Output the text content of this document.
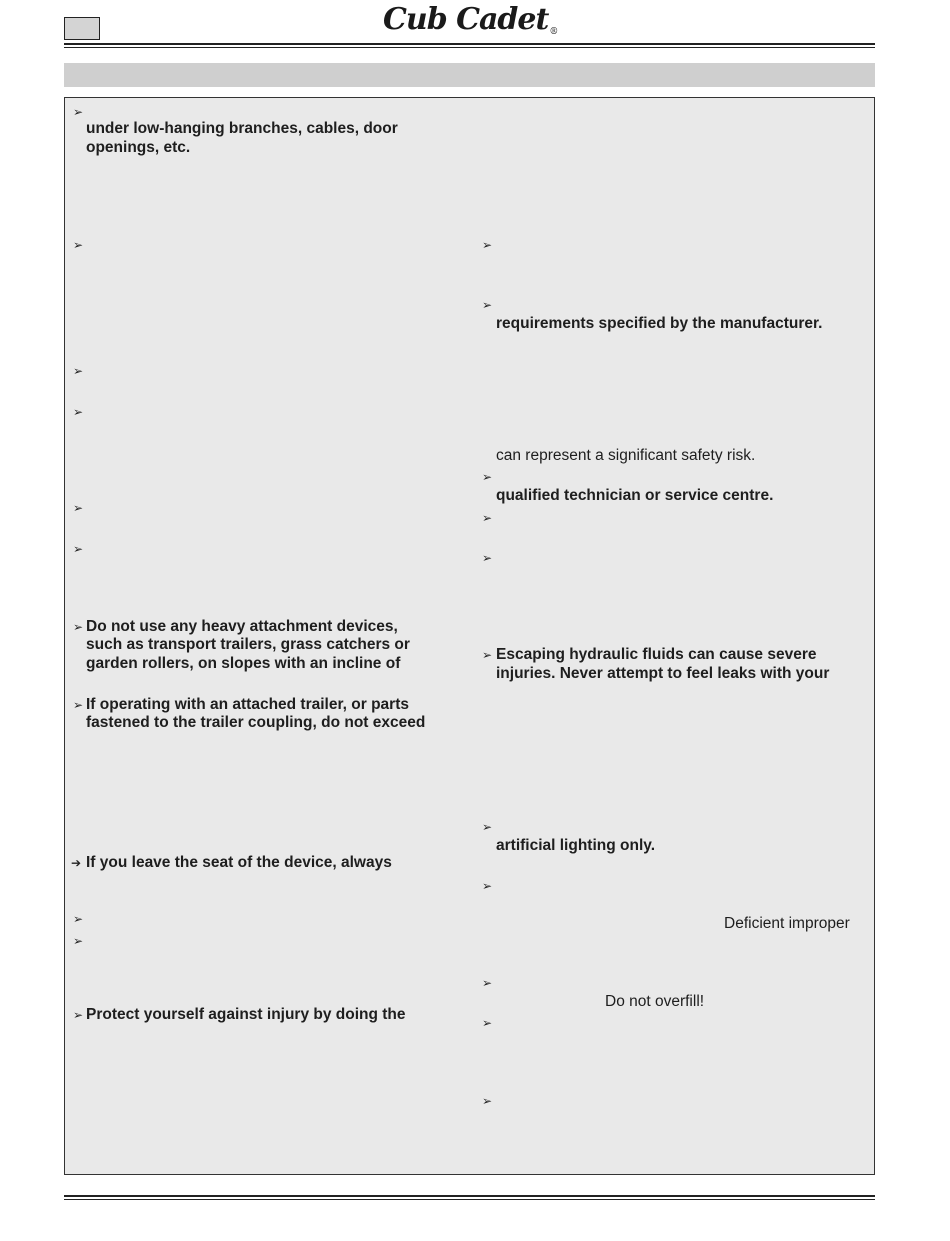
Cub Cadet®
➢
under low-hanging branches, cables, door
openings, etc.
➢
➢
➢
➢
➢
➢ Do not use any heavy attachment devices,
such as transport trailers, grass catchers or
garden rollers, on slopes with an incline of
➢ If operating with an attached trailer, or parts
fastened to the trailer coupling, do not exceed
➔ If you leave the seat of the device, always
➢
➢
➢ Protect yourself against injury by doing the
➢
➢
requirements specified by the manufacturer.
can represent a significant safety risk.
➢
qualified technician or service centre.
➢
➢
➢ Escaping hydraulic fluids can cause severe
injuries. Never attempt to feel leaks with your
➢
artificial lighting only.
➢
Deficient improper
➢
Do not overfill!
➢
➢
